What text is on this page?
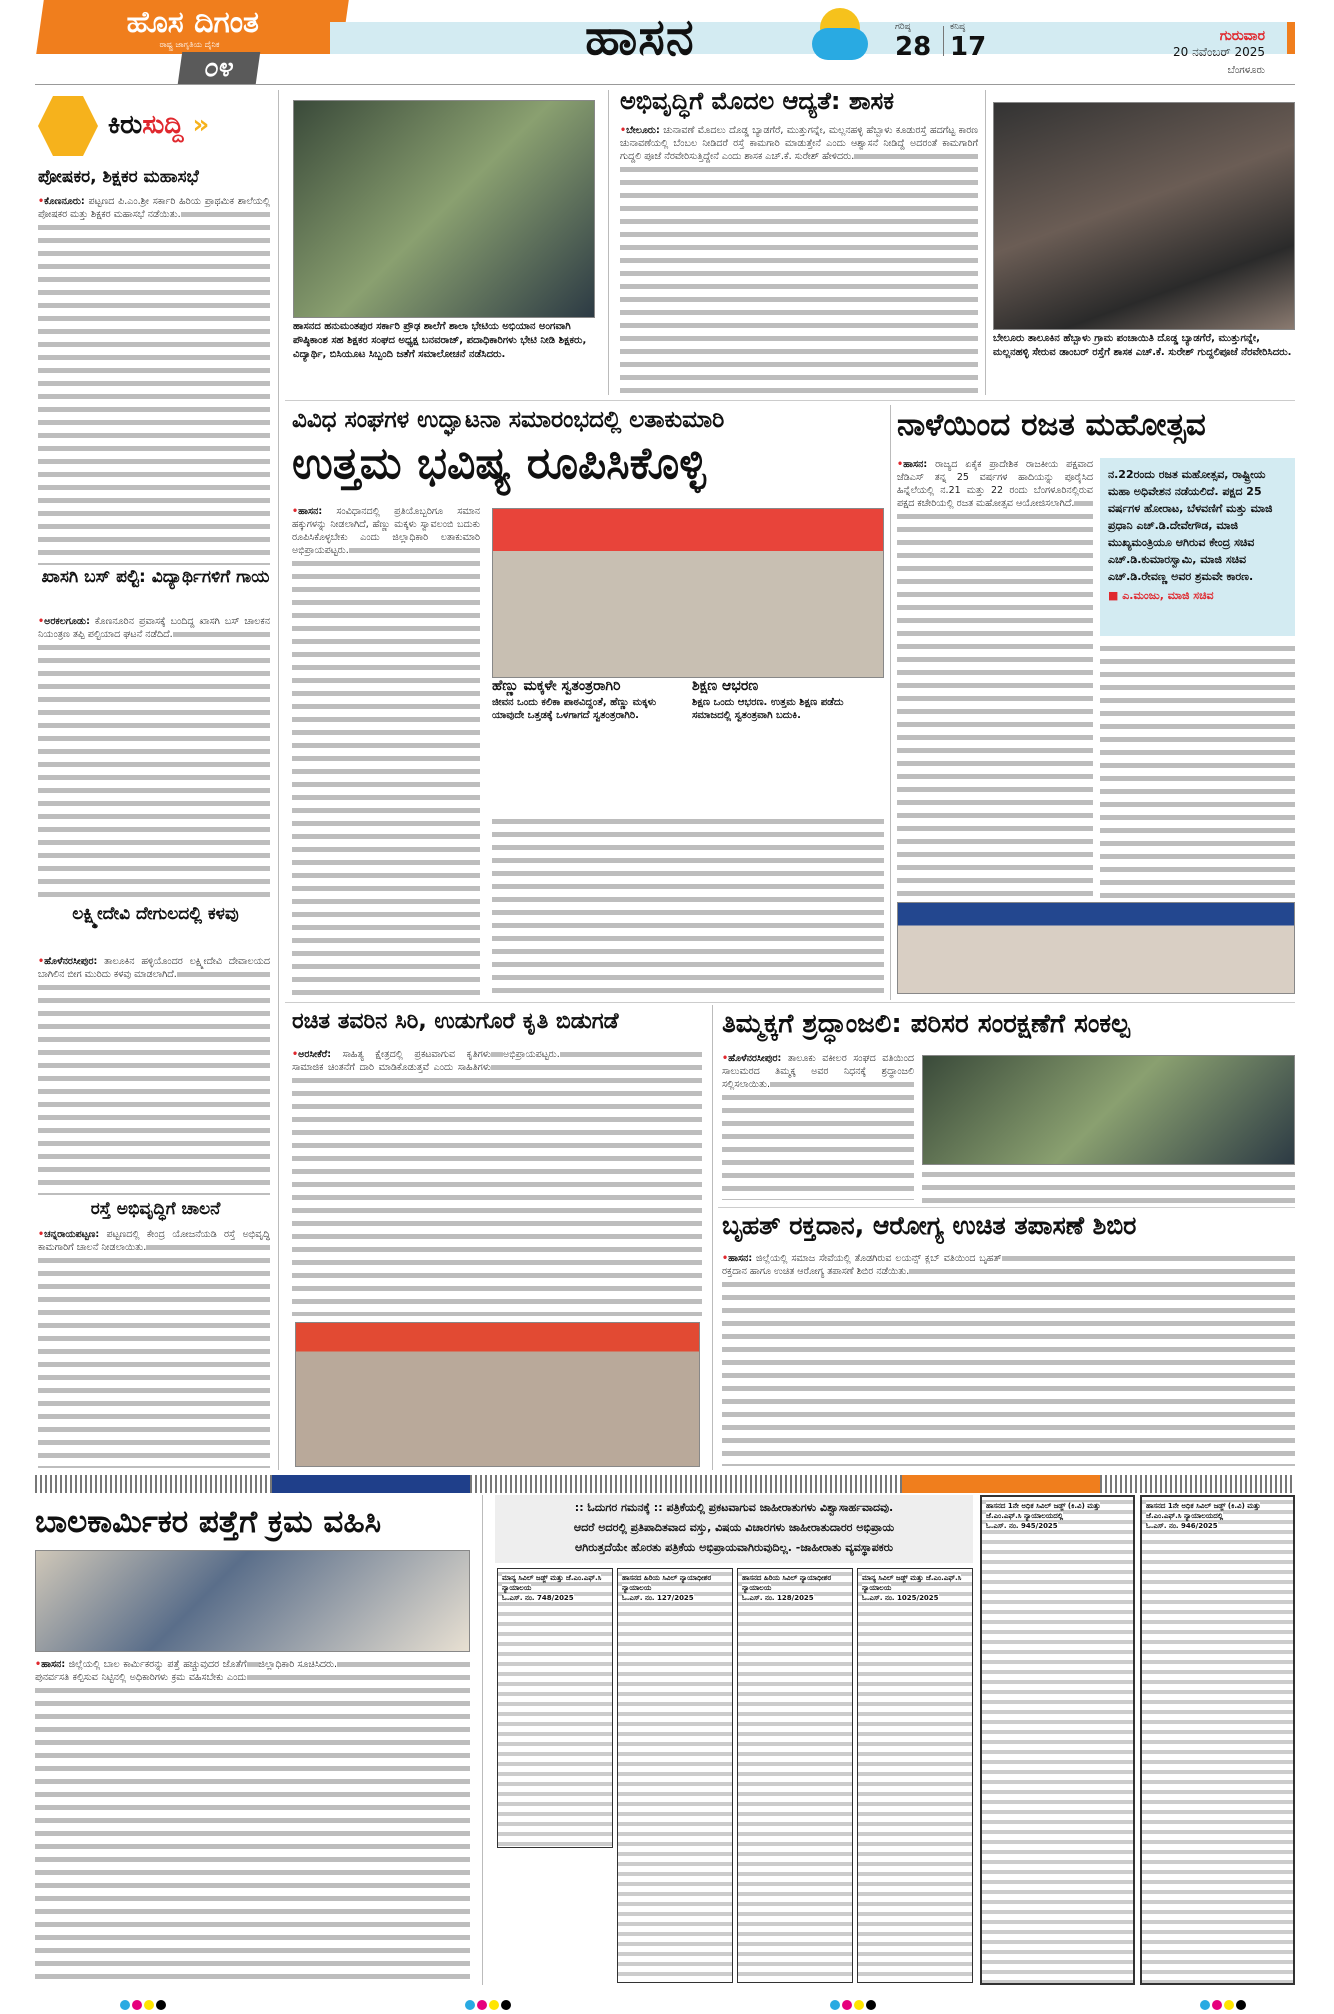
ಹೊಸ ದಿಗಂತ
ರಾಷ್ಟ್ರ ಜಾಗೃತಿಯ ದೈನಿಕ
೦೪
ಹಾಸನ	ಗರಿಷ್ಠ
28
ಕನಿಷ್ಠ
17	ಗುರುವಾರ
20 ನವೆಂಬರ್ 2025
ಬೆಂಗಳೂರು
ಕಿರುಸುದ್ದಿ »
ಪೋಷಕರ, ಶಿಕ್ಷಕರ ಮಹಾಸಭೆ
•ಕೊಣನೂರು: ಪಟ್ಟಣದ ಪಿ.ಎಂ.ಶ್ರೀ ಸರ್ಕಾರಿ ಹಿರಿಯ ಪ್ರಾಥಮಿಕ ಶಾಲೆಯಲ್ಲಿ ಪೋಷಕರ ಮತ್ತು ಶಿಕ್ಷಕರ ಮಹಾಸಭೆ ನಡೆಯಿತು.
ಖಾಸಗಿ ಬಸ್ ಪಲ್ಟಿ: ವಿದ್ಯಾರ್ಥಿಗಳಿಗೆ ಗಾಯ
•ಅರಕಲಗೂಡು: ಕೊಣನೂರಿನ ಪ್ರವಾಸಕ್ಕೆ ಬಂದಿದ್ದ ಖಾಸಗಿ ಬಸ್ ಚಾಲಕನ ನಿಯಂತ್ರಣ ತಪ್ಪಿ ಪಲ್ಟಿಯಾದ ಘಟನೆ ನಡೆದಿದೆ.
ಲಕ್ಷ್ಮೀದೇವಿ ದೇಗುಲದಲ್ಲಿ ಕಳವು
•ಹೊಳೆನರಸೀಪುರ: ತಾಲೂಕಿನ ಹಳ್ಳಿಯೊಂದರ ಲಕ್ಷ್ಮೀದೇವಿ ದೇವಾಲಯದ ಬಾಗಿಲಿನ ಬೀಗ ಮುರಿದು ಕಳವು ಮಾಡಲಾಗಿದೆ.
ರಸ್ತೆ ಅಭಿವೃದ್ಧಿಗೆ ಚಾಲನೆ
•ಚನ್ನರಾಯಪಟ್ಟಣ: ಪಟ್ಟಣದಲ್ಲಿ ಕೇಂದ್ರ ಯೋಜನೆಯಡಿ ರಸ್ತೆ ಅಭಿವೃದ್ಧಿ ಕಾಮಗಾರಿಗೆ ಚಾಲನೆ ನೀಡಲಾಯಿತು.
ಹಾಸನದ ಹನುಮಂತಪುರ ಸರ್ಕಾರಿ ಪ್ರೌಢ ಶಾಲೆಗೆ ಶಾಲಾ ಭೇಟಿಯ ಅಭಿಯಾನ ಅಂಗವಾಗಿ ಪೌಷ್ಠಿಕಾಂಶ ಸಹ ಶಿಕ್ಷಕರ ಸಂಘದ ಅಧ್ಯಕ್ಷ ಬನವರಾಜ್, ಪದಾಧಿಕಾರಿಗಳು ಭೇಟಿ ನೀಡಿ ಶಿಕ್ಷಕರು, ವಿದ್ಯಾರ್ಥಿ, ಬಿಸಿಯೂಟ ಸಿಬ್ಬಂದಿ ಜತೆಗೆ ಸಮಾಲೋಚನೆ ನಡೆಸಿದರು.
ಅಭಿವೃದ್ಧಿಗೆ ಮೊದಲ ಆದ್ಯತೆ: ಶಾಸಕ
•ಬೇಲೂರು: ಚುನಾವಣೆ ಮೊದಲು ದೊಡ್ಡ ಬ್ಯಾಡಗೆರೆ, ಮುತ್ತುಗನ್ನೇ, ಮಲ್ಲನಹಳ್ಳಿ ಹೆಬ್ಬಾಳು ಕೂಡುರಸ್ತೆ ಹದಗೆಟ್ಟ ಕಾರಣ ಚುನಾವಣೆಯಲ್ಲಿ ಬೆಂಬಲ ನೀಡಿದರೆ ರಸ್ತೆ ಕಾಮಗಾರಿ ಮಾಡುತ್ತೇನೆ ಎಂದು ಆಶ್ವಾಸನೆ ನೀಡಿದ್ದೆ ಅದರಂತೆ ಕಾಮಗಾರಿಗೆ ಗುದ್ದಲಿ ಪೂಜೆ ನೆರವೇರಿಸುತ್ತಿದ್ದೇನೆ ಎಂದು ಶಾಸಕ ಎಚ್.ಕೆ. ಸುರೇಶ್ ಹೇಳಿದರು.
ಬೇಲೂರು ತಾಲೂಕಿನ ಹೆಬ್ಬಾಳು ಗ್ರಾಮ ಪಂಚಾಯಿತಿ ದೊಡ್ಡ ಬ್ಯಾಡಗೆರೆ, ಮುತ್ತುಗನ್ನೇ, ಮಲ್ಲನಹಳ್ಳಿ ಸೇರುವ ಡಾಂಬರ್ ರಸ್ತೆಗೆ ಶಾಸಕ ಎಚ್.ಕೆ. ಸುರೇಶ್ ಗುದ್ದಲಿಪೂಜೆ ನೆರವೇರಿಸಿದರು.
ವಿವಿಧ ಸಂಘಗಳ ಉದ್ಘಾಟನಾ ಸಮಾರಂಭದಲ್ಲಿ ಲತಾಕುಮಾರಿ
ಉತ್ತಮ ಭವಿಷ್ಯ ರೂಪಿಸಿಕೊಳ್ಳಿ
•ಹಾಸನ: ಸಂವಿಧಾನದಲ್ಲಿ ಪ್ರತಿಯೊಬ್ಬರಿಗೂ ಸಮಾನ ಹಕ್ಕುಗಳನ್ನು ನೀಡಲಾಗಿದೆ, ಹೆಣ್ಣು ಮಕ್ಕಳು ಸ್ವಾವಲಂಬಿ ಬದುಕು ರೂಪಿಸಿಕೊಳ್ಳಬೇಕು ಎಂದು ಜಿಲ್ಲಾಧಿಕಾರಿ ಲತಾಕುಮಾರಿ ಅಭಿಪ್ರಾಯಪಟ್ಟರು.
ಹೆಣ್ಣು ಮಕ್ಕಳೇ ಸ್ವತಂತ್ರರಾಗಿರಿ
ಜೀವನ ಒಂದು ಕಲಿಕಾ ಪಾಠವಿದ್ದಂತೆ, ಹೆಣ್ಣು ಮಕ್ಕಳು ಯಾವುದೇ ಒತ್ತಡಕ್ಕೆ ಒಳಗಾಗದೆ ಸ್ವತಂತ್ರರಾಗಿರಿ.
ಶಿಕ್ಷಣ ಆಭರಣ
ಶಿಕ್ಷಣ ಒಂದು ಆಭರಣ. ಉತ್ತಮ ಶಿಕ್ಷಣ ಪಡೆದು ಸಮಾಜದಲ್ಲಿ ಸ್ವತಂತ್ರವಾಗಿ ಬದುಕಿ.
ನಾಳೆಯಿಂದ ರಜತ ಮಹೋತ್ಸವ
•ಹಾಸನ: ರಾಜ್ಯದ ಏಕೈಕ ಪ್ರಾದೇಶಿಕ ರಾಜಕೀಯ ಪಕ್ಷವಾದ ಜೆಡಿಎಸ್ ತನ್ನ 25 ವರ್ಷಗಳ ಹಾದಿಯನ್ನು ಪೂರೈಸಿದ ಹಿನ್ನೆಲೆಯಲ್ಲಿ ನ.21 ಮತ್ತು 22 ರಂದು ಬೆಂಗಳೂರಿನಲ್ಲಿರುವ ಪಕ್ಷದ ಕಚೇರಿಯಲ್ಲಿ ರಜತ ಮಹೋತ್ಸವ ಆಯೋಜಿಸಲಾಗಿದೆ.
ನ.22ರಂದು ರಜತ ಮಹೋತ್ಸವ, ರಾಷ್ಟ್ರೀಯ ಮಹಾ ಅಧಿವೇಶನ ನಡೆಯಲಿದೆ. ಪಕ್ಷದ 25 ವರ್ಷಗಳ ಹೋರಾಟ, ಬೆಳವಣಿಗೆ ಮತ್ತು ಮಾಜಿ ಪ್ರಧಾನಿ ಎಚ್.ಡಿ.ದೇವೇಗೌಡ, ಮಾಜಿ ಮುಖ್ಯಮಂತ್ರಿಯೂ ಆಗಿರುವ ಕೇಂದ್ರ ಸಚಿವ ಎಚ್.ಡಿ.ಕುಮಾರಸ್ವಾಮಿ, ಮಾಜಿ ಸಚಿವ ಎಚ್.ಡಿ.ರೇವಣ್ಣ ಅವರ ಶ್ರಮವೇ ಕಾರಣ.
■ ಎ.ಮಂಜು, ಮಾಜಿ ಸಚಿವ
ರಚಿತ ತವರಿನ ಸಿರಿ, ಉಡುಗೊರೆ ಕೃತಿ ಬಿಡುಗಡೆ
•ಅರಸೀಕೆರೆ: ಸಾಹಿತ್ಯ ಕ್ಷೇತ್ರದಲ್ಲಿ ಪ್ರಕಟವಾಗುವ ಕೃತಿಗಳು ಸಾಮಾಜಿಕ ಚಿಂತನೆಗೆ ದಾರಿ ಮಾಡಿಕೊಡುತ್ತವೆ ಎಂದು ಸಾಹಿತಿಗಳು ಅಭಿಪ್ರಾಯಪಟ್ಟರು.
ತಿಮ್ಮಕ್ಕಗೆ ಶ್ರದ್ಧಾಂಜಲಿ: ಪರಿಸರ ಸಂರಕ್ಷಣೆಗೆ ಸಂಕಲ್ಪ
•ಹೊಳೆನರಸೀಪುರ: ತಾಲೂಕು ವಕೀಲರ ಸಂಘದ ವತಿಯಿಂದ ಸಾಲುಮರದ ತಿಮ್ಮಕ್ಕ ಅವರ ನಿಧನಕ್ಕೆ ಶ್ರದ್ಧಾಂಜಲಿ ಸಲ್ಲಿಸಲಾಯಿತು.
ಬೃಹತ್ ರಕ್ತದಾನ, ಆರೋಗ್ಯ ಉಚಿತ ತಪಾಸಣೆ ಶಿಬಿರ
•ಹಾಸನ: ಜಿಲ್ಲೆಯಲ್ಲಿ ಸಮಾಜ ಸೇವೆಯಲ್ಲಿ ತೊಡಗಿರುವ ಲಯನ್ಸ್ ಕ್ಲಬ್ ವತಿಯಿಂದ ಬೃಹತ್ ರಕ್ತದಾನ ಹಾಗೂ ಉಚಿತ ಆರೋಗ್ಯ ತಪಾಸಣೆ ಶಿಬಿರ ನಡೆಯಿತು.
ಬಾಲಕಾರ್ಮಿಕರ ಪತ್ತೆಗೆ ಕ್ರಮ ವಹಿಸಿ
•ಹಾಸನ: ಜಿಲ್ಲೆಯಲ್ಲಿ ಬಾಲ ಕಾರ್ಮಿಕರನ್ನು ಪತ್ತೆ ಹಚ್ಚುವುದರ ಜೊತೆಗೆ ಪುನರ್ವಸತಿ ಕಲ್ಪಿಸುವ ನಿಟ್ಟಿನಲ್ಲಿ ಅಧಿಕಾರಿಗಳು ಕ್ರಮ ವಹಿಸಬೇಕು ಎಂದು ಜಿಲ್ಲಾಧಿಕಾರಿ ಸೂಚಿಸಿದರು.
:: ಓದುಗರ ಗಮನಕ್ಕೆ :: ಪತ್ರಿಕೆಯಲ್ಲಿ ಪ್ರಕಟವಾಗುವ ಜಾಹೀರಾತುಗಳು ವಿಶ್ವಾಸಾರ್ಹವಾದವು.
ಆದರೆ ಅದರಲ್ಲಿ ಪ್ರತಿಪಾದಿತವಾದ ವಸ್ತು, ವಿಷಯ ವಿಚಾರಗಳು ಜಾಹೀರಾತುದಾರರ ಅಭಿಪ್ರಾಯ
ಆಗಿರುತ್ತದೆಯೇ ಹೊರತು ಪತ್ರಿಕೆಯ ಅಭಿಪ್ರಾಯವಾಗಿರುವುದಿಲ್ಲ. -ಜಾಹೀರಾತು ವ್ಯವಸ್ಥಾಪಕರು
ಮಾನ್ಯ ಸಿವಿಲ್ ಜಡ್ಜ್ ಮತ್ತು ಜೆ.ಎಂ.ಎಫ್.ಸಿ ನ್ಯಾಯಾಲಯ
ಓ.ಎಸ್. ನಂ. 748/2025
ಹಾಸನದ ಹಿರಿಯ ಸಿವಿಲ್ ನ್ಯಾಯಾಧೀಶರ ನ್ಯಾಯಾಲಯ
ಓ.ಎಸ್. ನಂ. 127/2025
ಹಾಸನದ ಹಿರಿಯ ಸಿವಿಲ್ ನ್ಯಾಯಾಧೀಶರ ನ್ಯಾಯಾಲಯ
ಓ.ಎಸ್. ನಂ. 128/2025
ಮಾನ್ಯ ಸಿವಿಲ್ ಜಡ್ಜ್ ಮತ್ತು ಜೆ.ಎಂ.ಎಫ್.ಸಿ ನ್ಯಾಯಾಲಯ
ಓ.ಎಸ್. ನಂ. 1025/2025
ಹಾಸನದ 1ನೇ ಅಧಿಕ ಸಿವಿಲ್ ಜಡ್ಜ್ (ಕಿ.ವಿ) ಮತ್ತು ಜೆ.ಎಂ.ಎಫ್.ಸಿ ನ್ಯಾಯಾಲಯದಲ್ಲಿ
ಓ.ಎಸ್. ನಂ. 945/2025
ಹಾಸನದ 1ನೇ ಅಧಿಕ ಸಿವಿಲ್ ಜಡ್ಜ್ (ಕಿ.ವಿ) ಮತ್ತು ಜೆ.ಎಂ.ಎಫ್.ಸಿ ನ್ಯಾಯಾಲಯದಲ್ಲಿ
ಓ.ಎಸ್. ನಂ. 946/2025
